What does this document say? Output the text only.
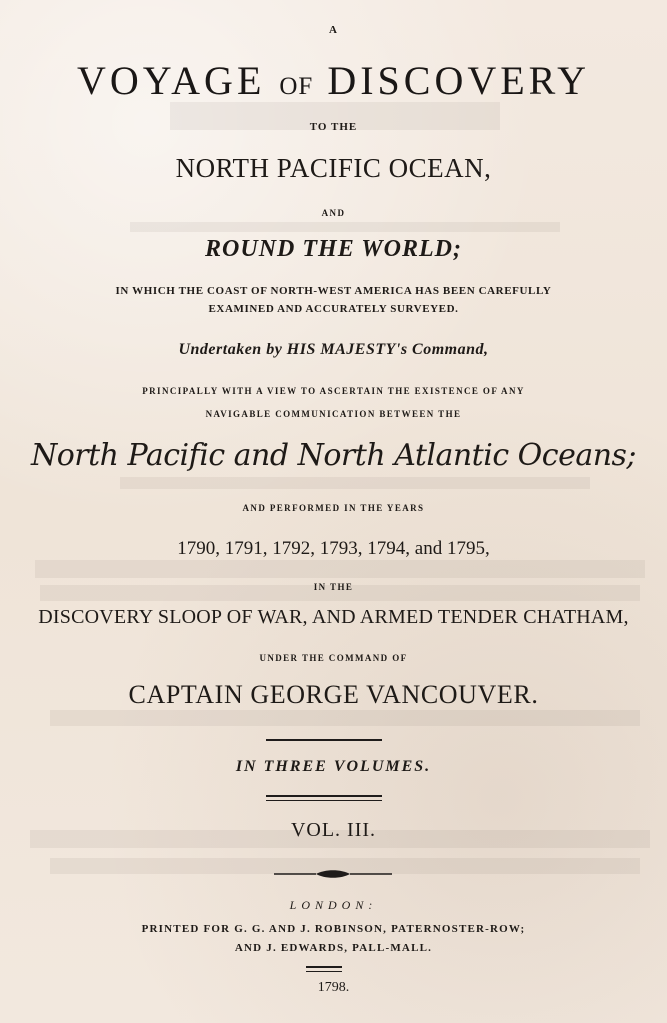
A
VOYAGE OF DISCOVERY
TO THE
NORTH PACIFIC OCEAN,
AND
ROUND THE WORLD;
IN WHICH THE COAST OF NORTH-WEST AMERICA HAS BEEN CAREFULLY
EXAMINED AND ACCURATELY SURVEYED.
Undertaken by HIS MAJESTY's Command,
PRINCIPALLY WITH A VIEW TO ASCERTAIN THE EXISTENCE OF ANY
NAVIGABLE COMMUNICATION BETWEEN THE
North Pacific and North Atlantic Oceans;
AND PERFORMED IN THE YEARS
1790, 1791, 1792, 1793, 1794, and 1795,
IN THE
DISCOVERY SLOOP OF WAR, AND ARMED TENDER CHATHAM,
UNDER THE COMMAND OF
CAPTAIN GEORGE VANCOUVER.
IN THREE VOLUMES.
VOL. III.
LONDON:
PRINTED FOR G. G. AND J. ROBINSON, PATERNOSTER-ROW;
AND J. EDWARDS, PALL-MALL.
1798.
